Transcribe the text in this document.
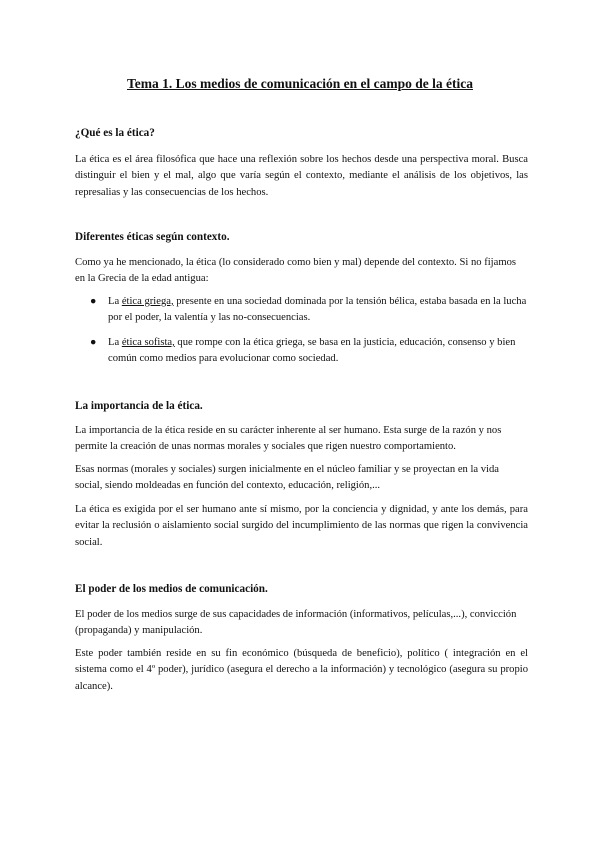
Tema 1. Los medios de comunicación en el campo de la ética
¿Qué es la ética?
La ética es el área filosófica que hace una reflexión sobre los hechos desde una perspectiva moral. Busca distinguir el bien y el mal, algo que varía según el contexto, mediante el análisis de los objetivos, las represalias y las consecuencias de los hechos.
Diferentes éticas según contexto.
Como ya he mencionado, la ética (lo considerado como bien y mal) depende del contexto. Si no fijamos en la Grecia de la edad antigua:
●	La ética griega, presente en una sociedad dominada por la tensión bélica, estaba basada en la lucha por el poder, la valentía y las no-consecuencias.
●	La ética sofista, que rompe con la ética griega, se basa en la justicia, educación, consenso y bien común como medios para evolucionar como sociedad.
La importancia de la ética.
La importancia de la ética reside en su carácter inherente al ser humano. Esta surge de la razón y nos permite la creación de unas normas morales y sociales que rigen nuestro comportamiento.
Esas normas (morales y sociales) surgen inicialmente en el núcleo familiar y se proyectan en la vida social, siendo moldeadas en función del contexto, educación, religión,...
La ética es exigida por el ser humano ante sí mismo, por la conciencia y dignidad, y ante los demás, para evitar la reclusión o aislamiento social surgido del incumplimiento de las normas que rigen la convivencia social.
El poder de los medios de comunicación.
El poder de los medios surge de sus capacidades de información (informativos, películas,...), convicción (propaganda) y manipulación.
Este poder también reside en su fin económico (búsqueda de beneficio), político ( integración en el sistema como el 4º poder), jurídico (asegura el derecho a la información) y tecnológico (asegura su propio alcance).
